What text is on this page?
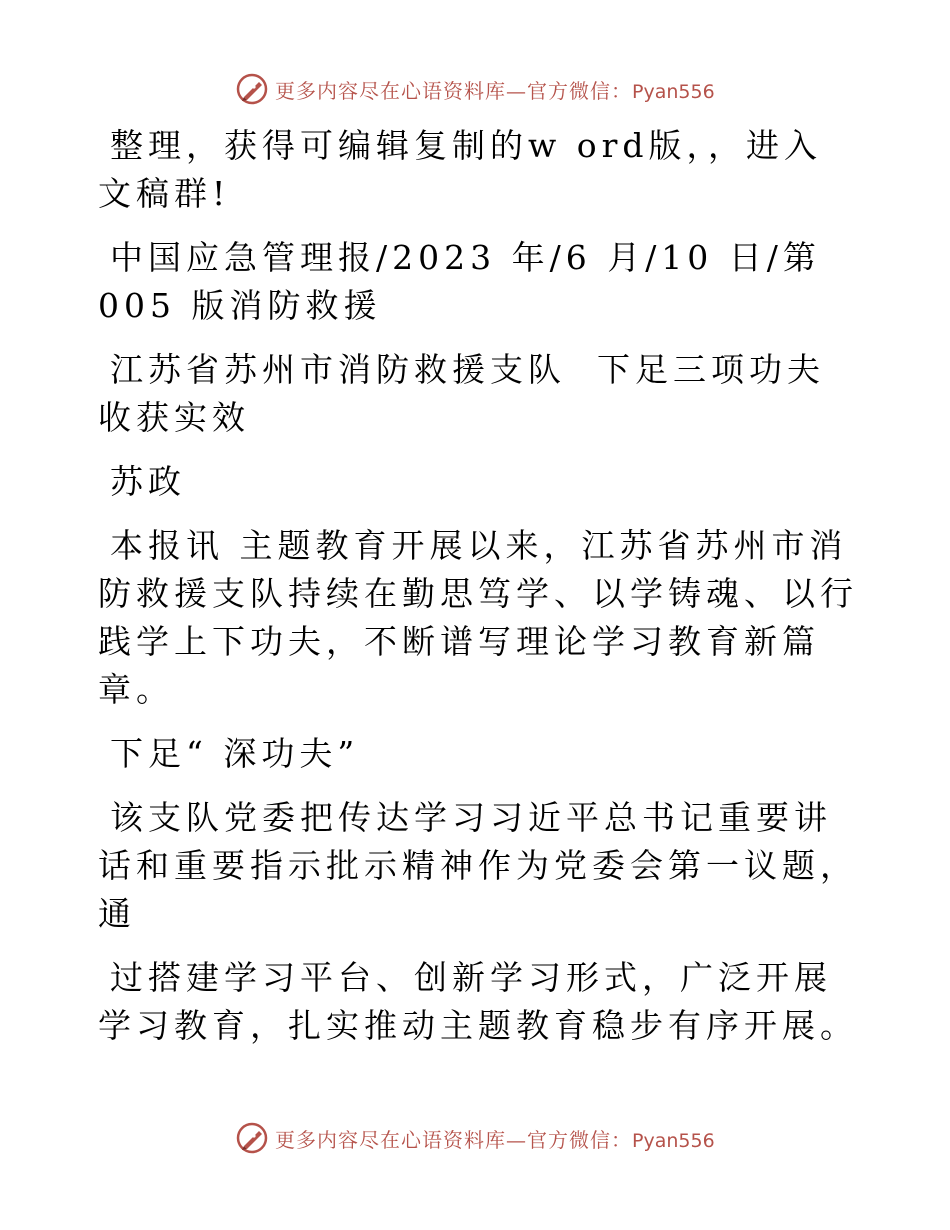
更多内容尽在心语资料库—官方微信：Pyan556

整理，获得可编辑复制的w ord版，，进入文稿群!

中国应急管理报/2023 年/6 月/10 日/第 005 版消防救援

江苏省苏州市消防救援支队  下足三项功夫收获实效

苏政

本报讯 主题教育开展以来，江苏省苏州市消防救援支队持续在勤思笃学、以学铸魂、以行践学上下功夫，不断谱写理论学习教育新篇章。

下足“ 深功夫”

该支队党委把传达学习习近平总书记重要讲话和重要指示批示精神作为党委会第一议题，通

过搭建学习平台、创新学习形式，广泛开展学习教育，扎实推动主题教育稳步有序开展。

更多内容尽在心语资料库—官方微信：Pyan556
